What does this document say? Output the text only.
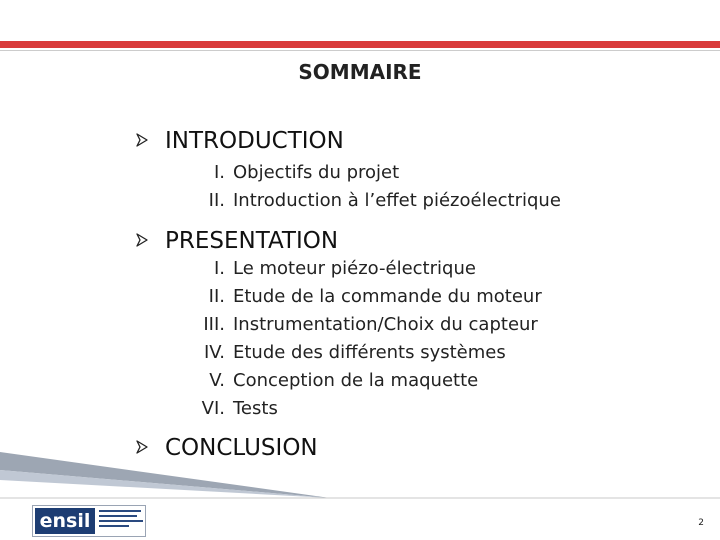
SOMMAIRE
INTRODUCTION
I. Objectifs du projet
II. Introduction à l’effet piézoélectrique
PRESENTATION
I. Le moteur piézo-électrique
II. Etude de la commande du moteur
III. Instrumentation/Choix du capteur
IV. Etude des différents systèmes
V. Conception de la maquette
VI. Tests
CONCLUSION
ensil	2
